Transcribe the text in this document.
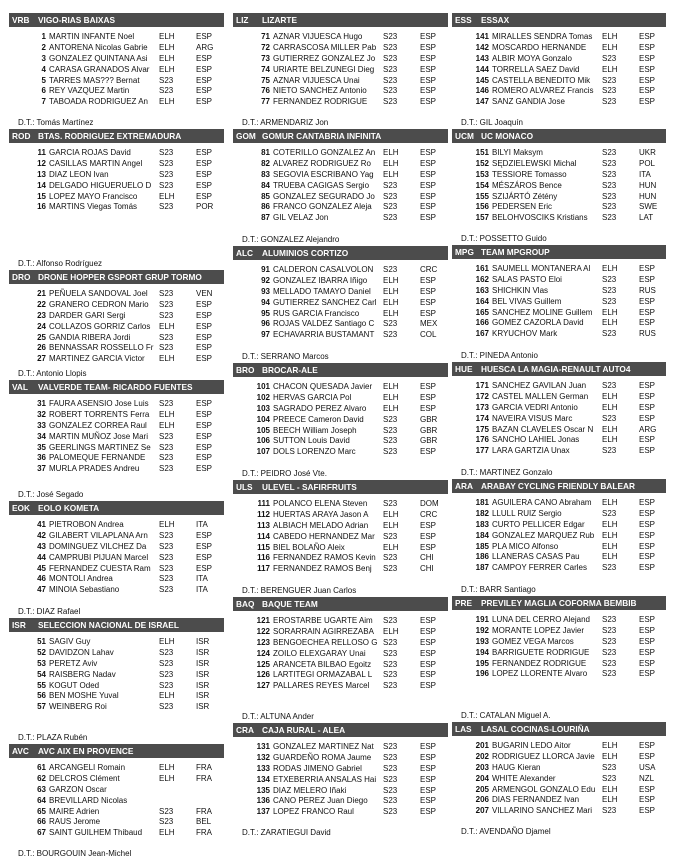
VRB VIGO-RIAS BAIXAS
1 MARTIN INFANTE Noel	ELH	ESP
2 ANTORENA Nicolas Gabrie	ELH	ARG
3 GONZALEZ QUINTANA Asi	ELH	ESP
4 CARASA GRANADOS Alvar	ELH	ESP
5 TARRES MAS??? Bernat	S23	ESP
6 REY VAZQUEZ Martin	S23	ESP
7 TABOADA RODRIGUEZ An	ELH	ESP
D.T.: Tomás Martínez
ROD BTAS. RODRIGUEZ EXTREMADURA
11 GARCIA ROJAS David	S23	ESP
12 CASILLAS MARTIN Angel	S23	ESP
13 DIAZ LEON Ivan	S23	ESP
14 DELGADO HIGUERUELO D S23	ESP
15 LOPEZ MAYO Francisco	ELH	ESP
16 MARTINS Viegas Tomás	S23	POR
D.T.: Alfonso Rodríguez
DRO DRONE HOPPER GSPORT GRUP TORMO
21 PEÑUELA SANDOVAL Joel	S23	VEN
22 GRANERO CEDRON Mario	S23	ESP
23 DARDER GARI Sergi	S23	ESP
24 COLLAZOS GORRIZ Carlos	ELH	ESP
25 GANDIA RIBERA Jordi	S23	ESP
26 BENNASSAR ROSSELLO Fr S23	ESP
27 MARTINEZ GARCIA Victor	ELH	ESP
D.T.: Antonio Llopis
VAL VALVERDE TEAM- RICARDO FUENTES
31 FAURA ASENSIO Jose Luis	S23	ESP
32 ROBERT TORRENTS Ferra	ELH	ESP
33 GONZALEZ CORREA Raul	ELH	ESP
34 MARTIN MUÑOZ Jose Mari	S23	ESP
35 GEERLINGS MARTINEZ Se	S23	ESP
36 PALOMEQUE FERNANDE	S23	ESP
37 MURLA PRADES Andreu	S23	ESP
D.T.: José Segado
EOK EOLO KOMETA
41 PIETROBON Andrea	ELH	ITA
42 GILABERT VILAPLANA Arn	S23	ESP
43 DOMINGUEZ VILCHEZ Da	S23	ESP
44 CAMPRUBI PIJUAN Marcel	S23	ESP
45 FERNANDEZ CUESTA Ram	S23	ESP
46 MONTOLI Andrea	S23	ITA
47 MINOIA Sebastiano	S23	ITA
D.T.: DIAZ Rafael
ISR SELECCION NACIONAL DE ISRAEL
51 SAGIV Guy	ELH	ISR
52 DAVIDZON Lahav	S23	ISR
53 PERETZ Aviv	S23	ISR
54 RAISBERG Nadav	S23	ISR
55 KOGUT Oded	S23	ISR
56 BEN MOSHE Yuval	ELH	ISR
57 WEINBERG Roi	S23	ISR
D.T.: PLAZA Rubén
AVC AVC AIX EN PROVENCE
61 ARCANGELI Romain	ELH	FRA
62 DELCROS Clément	ELH	FRA
63 GARZON Oscar
64 BREVILLARD Nicolas
65 MAIRE Adrien	S23	FRA
66 RAUS Jerome	S23	BEL
67 SAINT GUILHEM Thibaud	ELH	FRA
D.T.: BOURGOUIN Jean-Michel
LIZ LIZARTE
71 AZNAR VIJUESCA Hugo	S23	ESP
72 CARRASCOSA MILLER Pab S23	ESP
73 GUTIERREZ GONZALEZ Jo S23	ESP
74 URIARTE BELZUNEGI Dieg	S23	ESP
75 AZNAR VIJUESCA Unai	S23	ESP
76 NIETO SANCHEZ Antonio	S23	ESP
77 FERNANDEZ RODRIGUE	S23	ESP
D.T.: ARMENDARIZ Jon
GOM GOMUR CANTABRIA INFINITA
81 COTERILLO GONZALEZ An ELH	ESP
82 ALVAREZ RODRIGUEZ Ro	ELH	ESP
83 SEGOVIA ESCRIBANO Yag	ELH	ESP
84 TRUEBA CAGIGAS Sergio	S23	ESP
85 GONZALEZ SEGURADO Jo	S23	ESP
86 FRANCO GONZALEZ Aleja	S23	ESP
87 GIL VELAZ Jon	S23	ESP
D.T.: GONZALEZ Alejandro
ALC ALUMINIOS CORTIZO
91 CALDERON CASALVOLON	S23	CRC
92 GONZALEZ IBARRA Iñigo	ELH	ESP
93 MELLADO TAMAYO Daniel	ELH	ESP
94 GUTIERREZ SANCHEZ Carl ELH	ESP
95 RUS GARCIA Francisco	ELH	ESP
96 ROJAS VALDEZ Santiago C	S23	MEX
97 ECHAVARRIA BUSTAMANT	S23	COL
D.T.: SERRANO Marcos
BRO BROCAR-ALE
101 CHACON QUESADA Javier	ELH	ESP
102 HERVAS GARCIA Pol	ELH	ESP
103 SAGRADO PEREZ Alvaro	ELH	ESP
104 PREECE Cameron David	S23	GBR
105 BEECH William Joseph	S23	GBR
106 SUTTON Louis David	S23	GBR
107 DOLS LORENZO Marc	S23	ESP
D.T.: PEIDRO José Vte.
ULS ULEVEL - SAFIRFRUITS
111 POLANCO ELENA Steven	S23	DOM
112 HUERTAS ARAYA Jason A	ELH	CRC
113 ALBIACH MELADO Adrian	ELH	ESP
114 CABEDO HERNANDEZ Mar	S23	ESP
115 BIEL BOLAÑO Aleix	ELH	ESP
116 FERNANDEZ RAMOS Kevin S23	CHI
117 FERNANDEZ RAMOS Benj	S23	CHI
D.T.: BERENGUER Juan Carlos
BAQ BAQUE TEAM
121 EROSTARBE UGARTE Aim	S23	ESP
122 SORARRAIN AGIRREZABA	ELH	ESP
123 BENGOECHEA RELLOSO G S23	ESP
124 ZOILO ELEXGARAY Unai	S23	ESP
125 ARANCETA BILBAO Egoitz	S23	ESP
126 LARTITEGI ORMAZABAL L	S23	ESP
127 PALLARES REYES Marcel	S23	ESP
D.T.: ALTUNA Ander
CRA CAJA RURAL - ALEA
131 GONZALEZ MARTINEZ Nat	S23	ESP
132 GUARDEÑO ROMA Jaume	S23	ESP
133 RODAS JIMENO Gabriel	S23	ESP
134 ETXEBERRIA ANSALAS Hai S23	ESP
135 DIAZ MELERO Iñaki	S23	ESP
136 CANO PEREZ Juan Diego	S23	ESP
137 LOPEZ FRANCO Raul	S23	ESP
D.T.: ZARATIEGUI David
ESS ESSAX
141 MIRALLES SENDRA Tomas	ELH	ESP
142 MOSCARDO HERNANDE	ELH	ESP
143 ALBIR MOYA Gonzalo	S23	ESP
144 TORRELLA SAEZ David	ELH	ESP
145 CASTELLA BENEDITO Mik	S23	ESP
146 ROMERO ALVAREZ Francis	S23	ESP
147 SANZ GANDIA Jose	S23	ESP
D.T.: GIL Joaquín
UCM UC MONACO
151 BILYI Maksym	S23	UKR
152 SĘDZIELEWSKI Michal	S23	POL
153 TESSIORE Tomasso	S23	ITA
154 MÉSZÁROS Bence	S23	HUN
155 SZIJÁRTÓ Zétény	S23	HUN
156 PEDERSEN Eric	S23	SWE
157 BELOHVOSCIKS Kristians	S23	LAT
D.T.: POSSETTO Guido
MPG TEAM MPGROUP
161 SAUMELL MONTANERA Al	ELH	ESP
162 SALAS PASTO Eloi	S23	ESP
163 SHICHKIN Vlas	S23	RUS
164 BEL VIVAS Guillem	S23	ESP
165 SANCHEZ MOLINE Guillem	ELH	ESP
166 GOMEZ CAZORLA David	ELH	ESP
167 KRYUCHOV Mark	S23	RUS
D.T.: PINEDA Antonio
HUE HUESCA LA MAGIA-RENAULT AUTO4
171 SANCHEZ GAVILAN Juan	S23	ESP
172 CASTEL MALLEN German	ELH	ESP
173 GARCIA VEDRI Antonio	ELH	ESP
174 NAVEIRA VISUS Marc	S23	ESP
175 BAZAN CLAVELES Oscar N	ELH	ARG
176 SANCHO LAHIEL Jonas	ELH	ESP
177 LARA GARTZIA Unax	S23	ESP
D.T.: MARTINEZ Gonzalo
ARA ARABAY CYCLING FRIENDLY BALEAR
181 AGUILERA CANO Abraham	ELH	ESP
182 LLULL RUIZ Sergio	S23	ESP
183 CURTO PELLICER Edgar	ELH	ESP
184 GONZALEZ MARQUEZ Rub ELH	ESP
185 PLA MICO Alfonso	ELH	ESP
186 LLANERAS CASAS Pau	ELH	ESP
187 CAMPOY FERRER Carles	S23	ESP
D.T.: BARR Santiago
PRE PREVILEY MAGLIA COFORMA BEMBIB
191 LUNA DEL CERRO Alejand	S23	ESP
192 MORANTE LOPEZ Javier	S23	ESP
193 GOMEZ VEGA Marcos	S23	ESP
194 BARRIGUETE RODRIGUE	S23	ESP
195 FERNANDEZ RODRIGUE	S23	ESP
196 LOPEZ LLORENTE Alvaro	S23	ESP
D.T.: CATALAN Miguel A.
LAS LASAL COCINAS-LOURIÑA
201 BUGARIN LEDO Aitor	ELH	ESP
202 RODRIGUEZ LLORCA Javie ELH	ESP
203 HAUG Kieran	S23	USA
204 WHITE Alexander	S23	NZL
205 ARMENGOL GONZALO Edu ELH	ESP
206 DIAS FERNANDEZ Ivan	ELH	ESP
207 VILLARINO SANCHEZ Mari	S23	ESP
D.T.: AVENDAÑO Djamel
